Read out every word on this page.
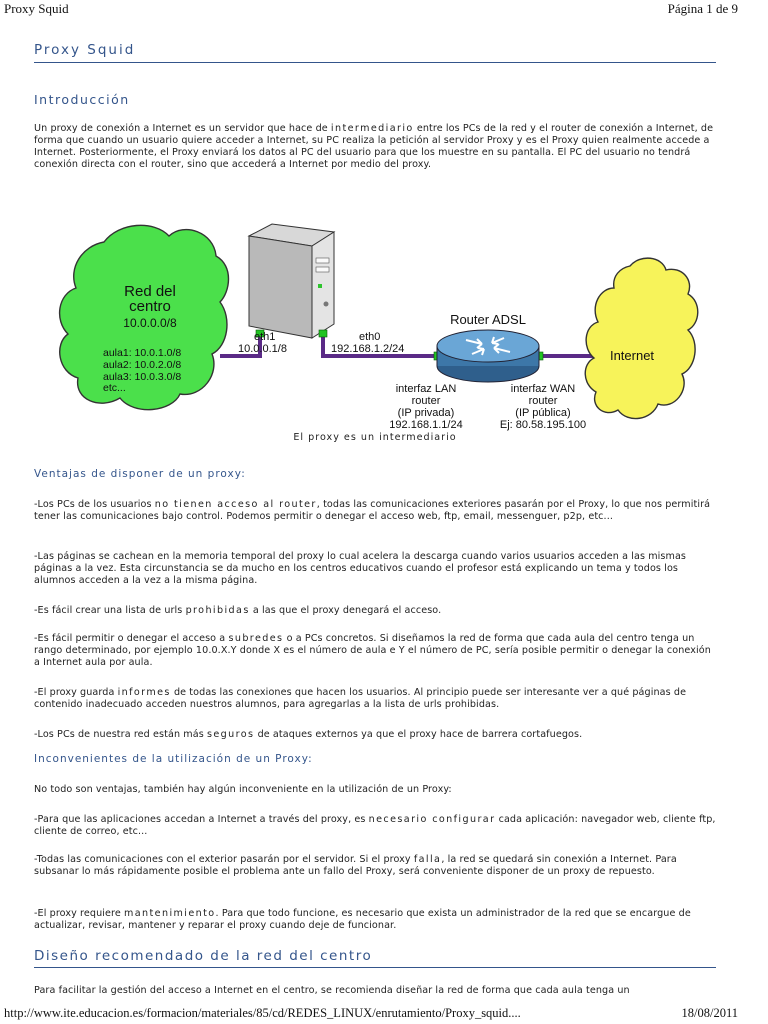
Proxy Squid	Página 1 de 9
Proxy Squid
Introducción

Un proxy de conexión a Internet es un servidor que hace de intermediario entre los PCs de la red y el router de conexión a Internet, de forma que cuando un usuario quiere acceder a Internet, su PC realiza la petición al servidor Proxy y es el Proxy quien realmente accede a Internet. Posteriormente, el Proxy enviará los datos al PC del usuario para que los muestre en su pantalla. El PC del usuario no tendrá conexión directa con el router, sino que accederá a Internet por medio del proxy.

Red del
centro
10.0.0.0/8
aula1: 10.0.1.0/8
aula2: 10.0.2.0/8
aula3: 10.0.3.0/8
etc...
eth1
10.0.0.1/8
eth0
192.168.1.2/24
Router ADSL
interfaz LAN
router
(IP privada)
192.168.1.1/24
interfaz WAN
router
(IP pública)
Ej: 80.58.195.100
Internet
El proxy es un intermediario
Ventajas de disponer de un proxy:

-Los PCs de los usuarios no tienen acceso al router, todas las comunicaciones exteriores pasarán por el Proxy, lo que nos permitirá tener las comunicaciones bajo control. Podemos permitir o denegar el acceso web, ftp, email, messenguer, p2p, etc...

-Las páginas se cachean en la memoria temporal del proxy lo cual acelera la descarga cuando varios usuarios acceden a las mismas páginas a la vez. Esta circunstancia se da mucho en los centros educativos cuando el profesor está explicando un tema y todos los alumnos acceden a la vez a la misma página.

-Es fácil crear una lista de urls prohibidas a las que el proxy denegará el acceso.

-Es fácil permitir o denegar el acceso a subredes o a PCs concretos. Si diseñamos la red de forma que cada aula del centro tenga un rango determinado, por ejemplo 10.0.X.Y donde X es el número de aula e Y el número de PC, sería posible permitir o denegar la conexión a Internet aula por aula.

-El proxy guarda informes de todas las conexiones que hacen los usuarios. Al principio puede ser interesante ver a qué páginas de contenido inadecuado acceden nuestros alumnos, para agregarlas a la lista de urls prohibidas.

-Los PCs de nuestra red están más seguros de ataques externos ya que el proxy hace de barrera cortafuegos.

Inconvenientes de la utilización de un Proxy:

No todo son ventajas, también hay algún inconveniente en la utilización de un Proxy:

-Para que las aplicaciones accedan a Internet a través del proxy, es necesario configurar cada aplicación: navegador web, cliente ftp, cliente de correo, etc...

-Todas las comunicaciones con el exterior pasarán por el servidor. Si el proxy falla, la red se quedará sin conexión a Internet. Para subsanar lo más rápidamente posible el problema ante un fallo del Proxy, será conveniente disponer de un proxy de repuesto.

-El proxy requiere mantenimiento. Para que todo funcione, es necesario que exista un administrador de la red que se encargue de actualizar, revisar, mantener y reparar el proxy cuando deje de funcionar.

Diseño recomendado de la red del centro

Para facilitar la gestión del acceso a Internet en el centro, se recomienda diseñar la red de forma que cada aula tenga un

http://www.ite.educacion.es/formacion/materiales/85/cd/REDES_LINUX/enrutamiento/Proxy_squid....	18/08/2011
